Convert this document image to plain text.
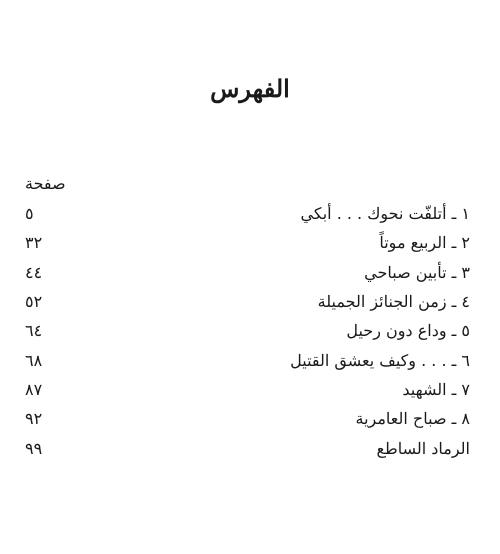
الفهرس
صفحة
١ ـ أتلفّت نحوك . . . أبكي
٥
٢ ـ الربيع موتاً
٣٢
٣ ـ تأبين صباحي
٤٤
٤ ـ زمن الجنائز الجميلة
٥٢
٥ ـ وداع دون رحيل
٦٤
٦ ـ . . . وكيف يعشق القتيل
٦٨
٧ ـ الشهيد
٨٧
٨ ـ صباح العامرية
٩٢
الرماد الساطع
٩٩
